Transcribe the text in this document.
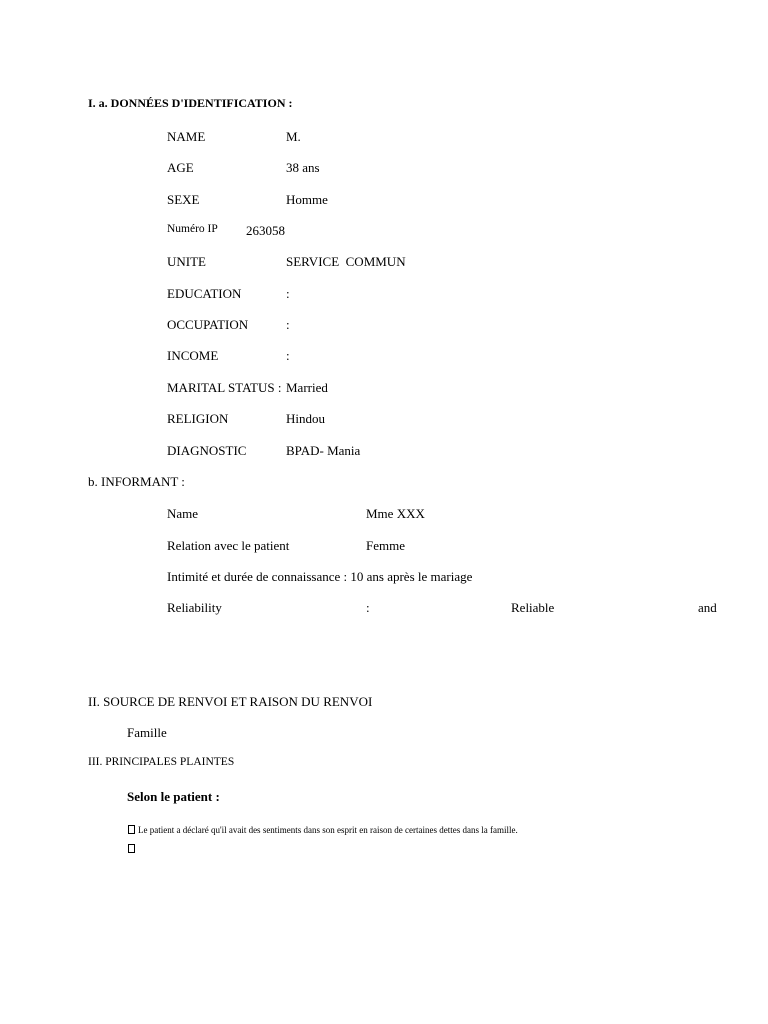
I. a. DONNÉES D'IDENTIFICATION :
NAME	M.
AGE	38 ans
SEXE	Homme
Numéro IP 263058
UNITE	SERVICE  COMMUN
EDUCATION	:
OCCUPATION	:
INCOME	:
MARITAL STATUS : Married
RELIGION	Hindou
DIAGNOSTIC	BPAD- Mania
b. INFORMANT :
Name	Mme XXX
Relation avec le patient	Femme
Intimité et durée de connaissance : 10 ans après le mariage
Reliability	:	Reliable	and
II. SOURCE DE RENVOI ET RAISON DU RENVOI
Famille
III. PRINCIPALES PLAINTES
Selon le patient :
Le patient a déclaré qu'il avait des sentiments dans son esprit en raison de certaines dettes dans la famille.
